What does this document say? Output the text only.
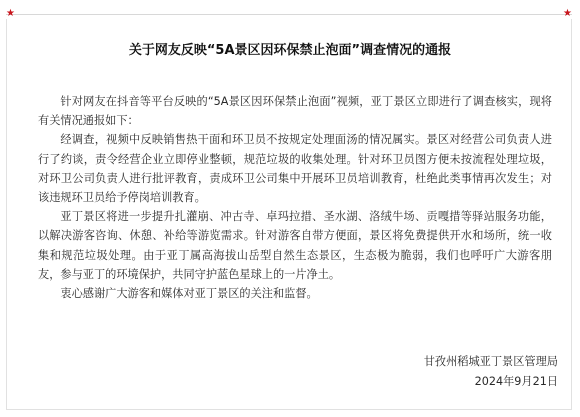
★	★
关于网友反映“5A景区因环保禁止泡面”调查情况的通报

针对网友在抖音等平台反映的“5A景区因环保禁止泡面”视频，亚丁景区立即进行了调查核实，现将有关情况通报如下：

经调查，视频中反映销售热干面和环卫员不按规定处理面汤的情况属实。景区对经营公司负责人进行了约谈，责令经营企业立即停业整顿，规范垃圾的收集处理。针对环卫员图方便未按流程处理垃圾，对环卫公司负责人进行批评教育，责成环卫公司集中开展环卫员培训教育，杜绝此类事情再次发生；对该违规环卫员给予停岗培训教育。

亚丁景区将进一步提升扎灌崩、冲古寺、卓玛拉措、圣水湖、洛绒牛场、贡嘎措等驿站服务功能，以解决游客咨询、休憩、补给等游览需求。针对游客自带方便面，景区将免费提供开水和场所，统一收集和规范垃圾处理。由于亚丁属高海拔山岳型自然生态景区，生态极为脆弱，我们也呼吁广大游客朋友，参与亚丁的环境保护，共同守护蓝色星球上的一片净土。

衷心感谢广大游客和媒体对亚丁景区的关注和监督。

甘孜州稻城亚丁景区管理局
2024年9月21日
